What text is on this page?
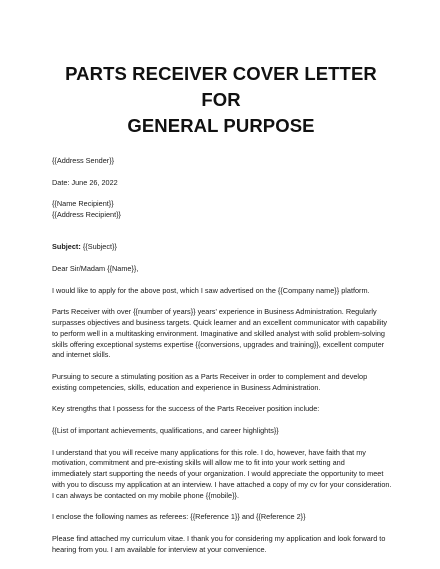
PARTS RECEIVER COVER LETTER FOR
GENERAL PURPOSE

{{Address Sender}}

Date: June 26, 2022

{{Name Recipient}}

{{Address Recipient}}

Subject: {{Subject}}

Dear Sir/Madam {{Name}},

I would like to apply for the above post, which I saw advertised on the {{Company name}} platform.
Parts Receiver with over {{number of years}} years' experience in Business Administration. Regularly
surpasses objectives and business targets. Quick learner and an excellent communicator with capability
to perform well in a multitasking environment. Imaginative and skilled analyst with solid problem-solving
skills offering exceptional systems expertise {{conversions, upgrades and training}}, excellent computer
and internet skills.
Pursuing to secure a stimulating position as a Parts Receiver in order to complement and develop
existing competencies, skills, education and experience in Business Administration.
Key strengths that I possess for the success of the Parts Receiver position include:
{{List of important achievements, qualifications, and career highlights}}
I understand that you will receive many applications for this role. I do, however, have faith that my
motivation, commitment and pre-existing skills will allow me to fit into your work setting and
immediately start supporting the needs of your organization. I would appreciate the opportunity to meet
with you to discuss my application at an interview. I have attached a copy of my cv for your consideration.
I can always be contacted on my mobile phone {{mobile}}.
I enclose the following names as referees: {{Reference 1}} and {{Reference 2}}
Please find attached my curriculum vitae. I thank you for considering my application and look forward to
hearing from you. I am available for interview at your convenience.
